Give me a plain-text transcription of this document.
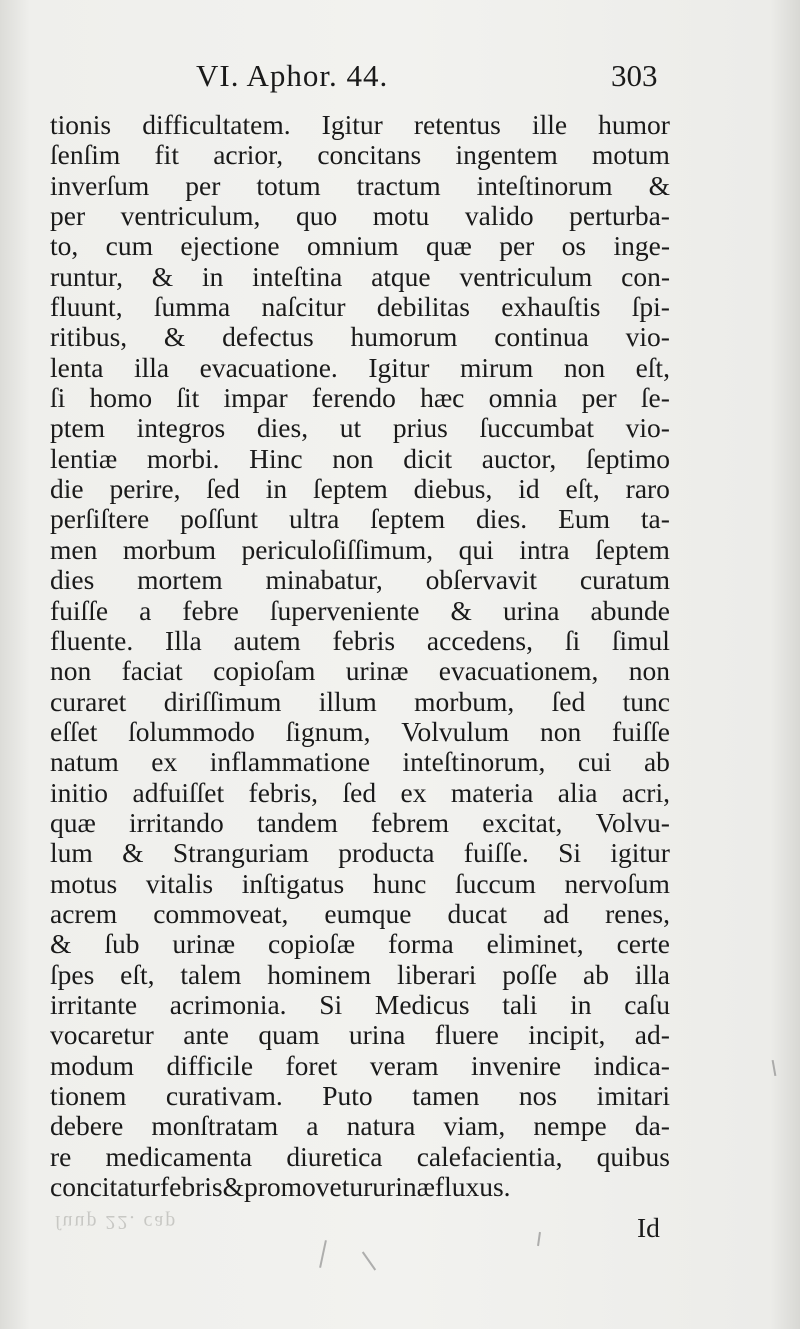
VI. Aphor. 44.	303
tionis difficultatem. Igitur retentus ille humor
ſenſim fit acrior, concitans ingentem motum
inverſum per totum tractum inteſtinorum &
per ventriculum, quo motu valido perturba-
to, cum ejectione omnium quæ per os inge-
runtur, & in inteſtina atque ventriculum con-
fluunt, ſumma naſcitur debilitas exhauſtis ſpi-
ritibus, & defectus humorum continua vio-
lenta illa evacuatione. Igitur mirum non eſt,
ſi homo ſit impar ferendo hæc omnia per ſe-
ptem integros dies, ut prius ſuccumbat vio-
lentiæ morbi. Hinc non dicit auctor, ſeptimo
die perire, ſed in ſeptem diebus, id eſt, raro
perſiſtere poſſunt ultra ſeptem dies. Eum ta-
men morbum periculoſiſſimum, qui intra ſeptem
dies mortem minabatur, obſervavit curatum
fuiſſe a febre ſuperveniente & urina abunde
fluente. Illa autem febris accedens, ſi ſimul
non faciat copioſam urinæ evacuationem, non
curaret diriſſimum illum morbum, ſed tunc
eſſet ſolummodo ſignum, Volvulum non fuiſſe
natum ex inflammatione inteſtinorum, cui ab
initio adfuiſſet febris, ſed ex materia alia acri,
quæ irritando tandem febrem excitat, Volvu-
lum & Stranguriam producta fuiſſe. Si igitur
motus vitalis inſtigatus hunc ſuccum nervoſum
acrem commoveat, eumque ducat ad renes,
& ſub urinæ copioſæ forma eliminet, certe
ſpes eſt, talem hominem liberari poſſe ab illa
irritante acrimonia. Si Medicus tali in caſu
vocaretur ante quam urina fluere incipit, ad-
modum difficile foret veram invenire indica-
tionem curativam. Puto tamen nos imitari
debere monſtratam a natura viam, nempe da-
re medicamenta diuretica calefacientia, quibus
concitatur febris & promovetur urinæ fluxus.
ſuup 22. cap	Id
